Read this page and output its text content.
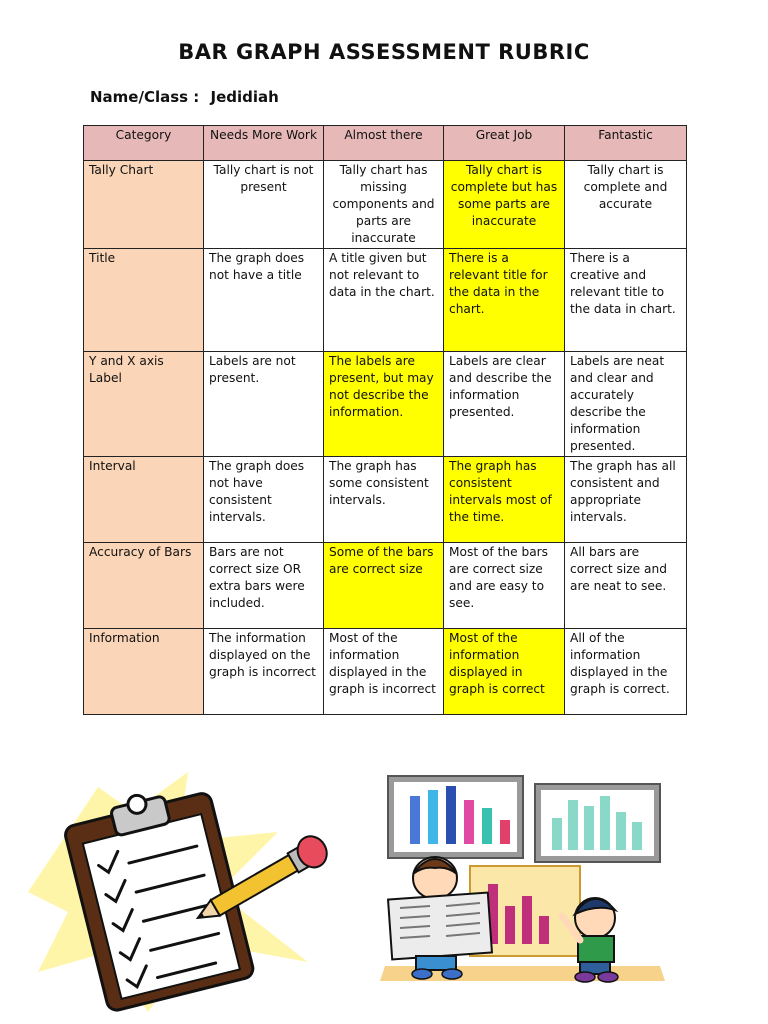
BAR GRAPH ASSESSMENT RUBRIC
Name/Class : Jedidiah
Category	Needs More Work	Almost there	Great Job	Fantastic
Tally Chart	Tally chart is not present	Tally chart has missing components and parts are inaccurate	Tally chart is complete but has some parts are inaccurate	Tally chart is complete and accurate
Title	The graph does not have a title	A title given but not relevant to data in the chart.	There is a relevant title for the data in the chart.	There is a creative and relevant title to the data in chart.
Y and X axis Label	Labels are not present.	The labels are present, but may not describe the information.	Labels are clear and describe the information presented.	Labels are neat and clear and accurately describe the information presented.
Interval	The graph does not have consistent intervals.	The graph has some consistent intervals.	The graph has consistent intervals most of the time.	The graph has all consistent and appropriate intervals.
Accuracy of Bars	Bars are not correct size OR extra bars were included.	Some of the bars are correct size	Most of the bars are correct size and are easy to see.	All bars are correct size and are neat to see.
Information	The information displayed on the graph is incorrect	Most of the information displayed in the graph is incorrect	Most of the information displayed in graph is correct	All of the information displayed in the graph is correct.
